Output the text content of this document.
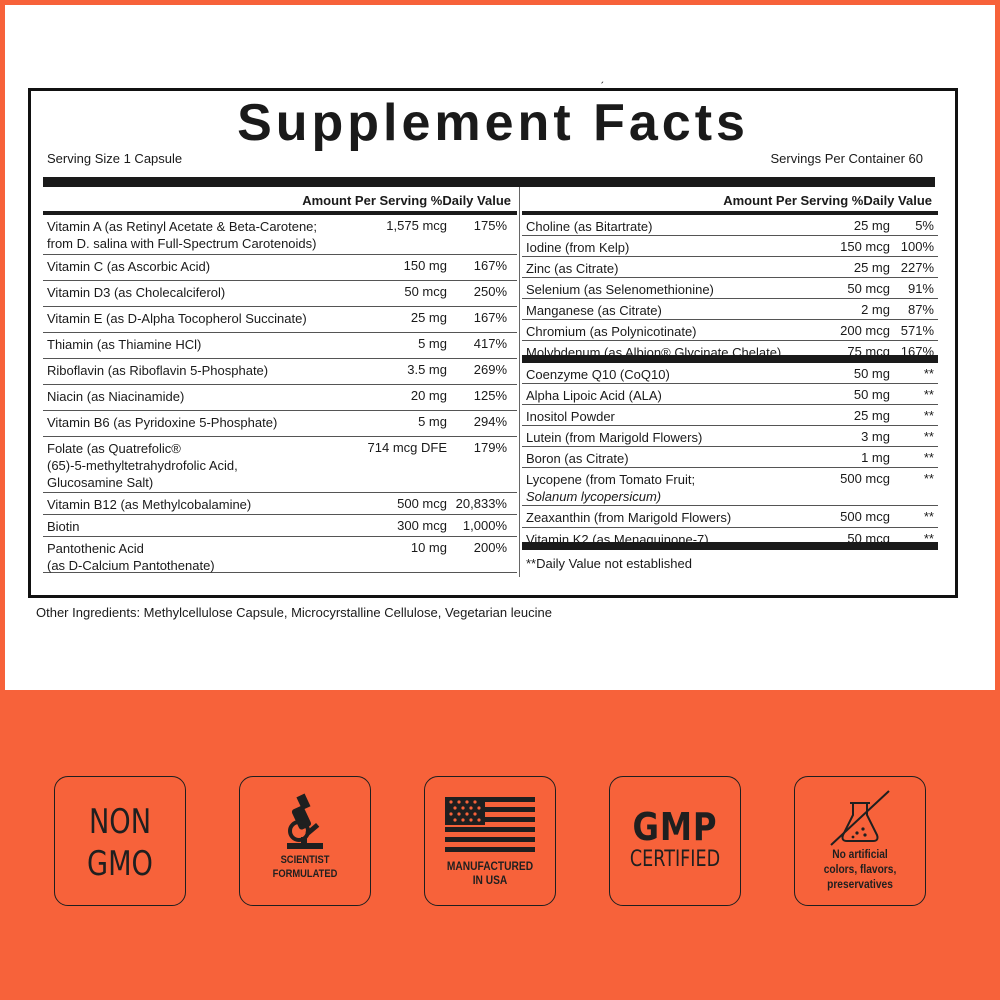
ˏ
Supplement Facts
Serving Size 1 Capsule	Servings Per Container 60
Amount Per Serving %Daily Value
Vitamin A (as Retinyl Acetate & Beta-Carotene;
from D. salina with Full-Spectrum Carotenoids)
1,575 mcg 175%
Vitamin C (as Ascorbic Acid)	150 mg 167%
Vitamin D3 (as Cholecalciferol)	50 mcg 250%
Vitamin E (as D-Alpha Tocopherol Succinate)	25 mg 167%
Thiamin (as Thiamine HCl)	5 mg 417%
Riboflavin (as Riboflavin 5-Phosphate)	3.5 mg 269%
Niacin (as Niacinamide)	20 mg 125%
Vitamin B6 (as Pyridoxine 5-Phosphate)	5 mg 294%
Folate (as Quatrefolic®
(65)-5-methyltetrahydrofolic Acid,
Glucosamine Salt)
714 mcg DFE 179%
Vitamin B12 (as Methylcobalamine)	500 mcg 20,833%
Biotin	300 mcg 1,000%
Pantothenic Acid
(as D-Calcium Pantothenate)
10 mg 200%
Amount Per Serving %Daily Value
Choline (as Bitartrate)	25 mg 5%
Iodine (from Kelp)	150 mcg 100%
Zinc (as Citrate)	25 mg 227%
Selenium (as Selenomethionine)	50 mcg 91%
Manganese (as Citrate)	2 mg 87%
Chromium (as Polynicotinate)	200 mcg 571%
Molybdenum (as Albion® Glycinate Chelate)	75 mcg 167%
Coenzyme Q10 (CoQ10)	50 mg	**
Alpha Lipoic Acid (ALA)	50 mg	**
Inositol Powder	25 mg	**
Lutein (from Marigold Flowers)	3 mg	**
Boron (as Citrate)	1 mg	**
Lycopene (from Tomato Fruit;
Solanum lycopersicum)
500 mcg	**
Zeaxanthin (from Marigold Flowers)	500 mcg	**
Vitamin K2 (as Menaquinone-7)	50 mcg	**
**Daily Value not established
Other Ingredients: Methylcellulose Capsule, Microcyrstalline Cellulose, Vegetarian leucine
NON
GMO	SCIENTIST
FORMULATED
MANUFACTURED
IN USA
GMP
CERTIFIED	No artificial
colors, flavors,
preservatives
